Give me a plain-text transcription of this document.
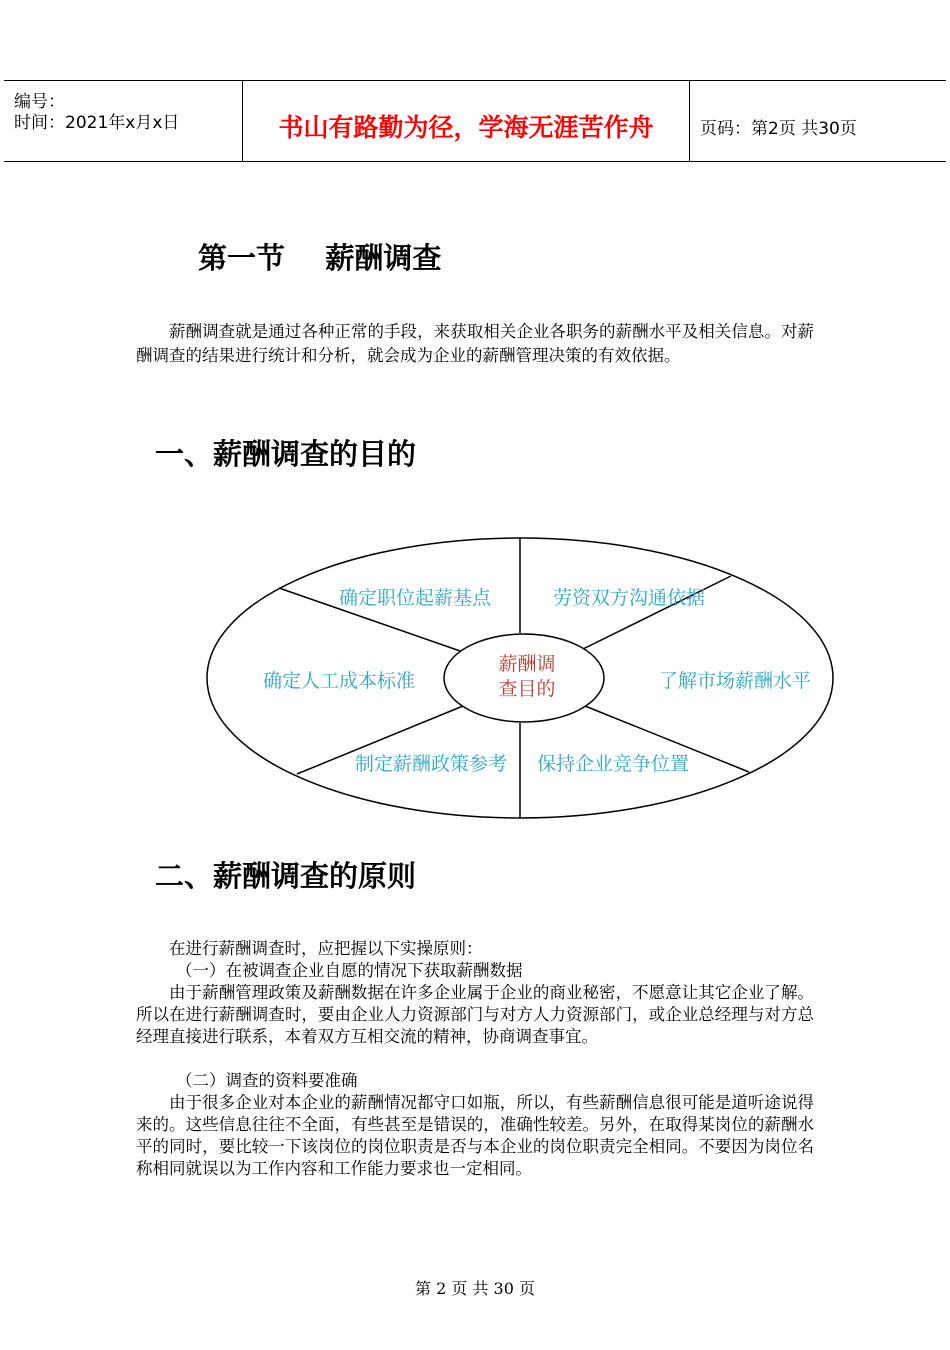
编号：
时间：2021年x月x日	书山有路勤为径，学海无涯苦作舟	页码：第2页 共30页
第一节    薪酬调查
薪酬调查就是通过各种正常的手段，来获取相关企业各职务的薪酬水平及相关信息。对薪酬调查的结果进行统计和分析，就会成为企业的薪酬管理决策的有效依据。
一、薪酬调查的目的
薪酬调
查目的
确定职位起薪基点	劳资双方沟通依据
确定人工成本标准	了解市场薪酬水平
制定薪酬政策参考 保持企业竞争位置
二、薪酬调查的原则
在进行薪酬调查时，应把握以下实操原则：
（一）在被调查企业自愿的情况下获取薪酬数据
由于薪酬管理政策及薪酬数据在许多企业属于企业的商业秘密，不愿意让其它企业了解。所以在进行薪酬调查时，要由企业人力资源部门与对方人力资源部门，或企业总经理与对方总经理直接进行联系，本着双方互相交流的精神，协商调查事宜。
（二）调查的资料要准确
由于很多企业对本企业的薪酬情况都守口如瓶，所以，有些薪酬信息很可能是道听途说得来的。这些信息往往不全面，有些甚至是错误的，准确性较差。另外，在取得某岗位的薪酬水平的同时，要比较一下该岗位的岗位职责是否与本企业的岗位职责完全相同。不要因为岗位名称相同就误以为工作内容和工作能力要求也一定相同。
第 2 页 共 30 页
